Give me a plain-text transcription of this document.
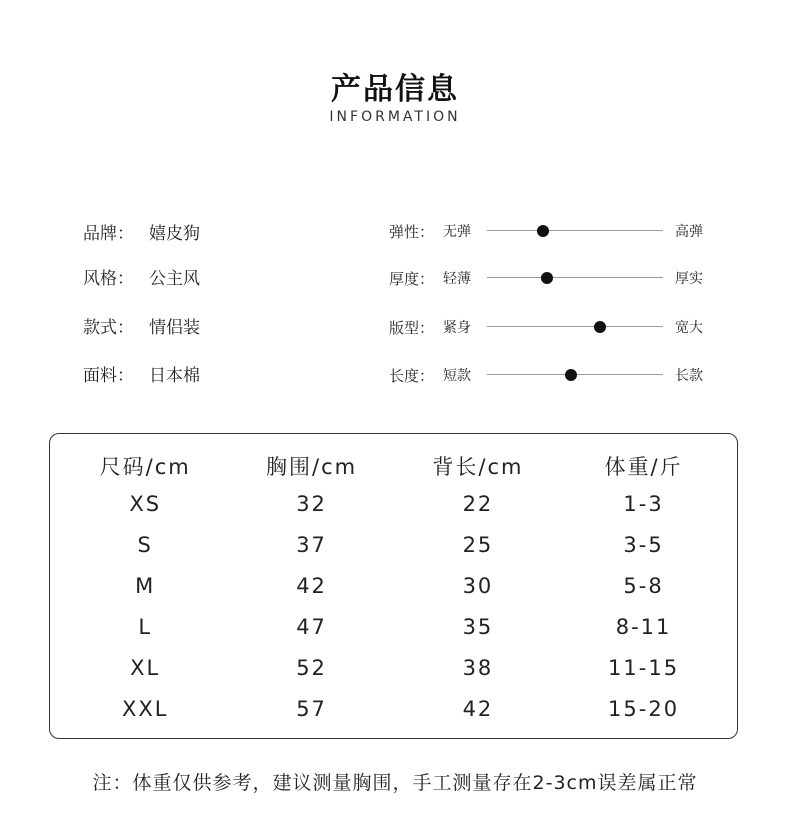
产品信息
INFORMATION
品牌： 嬉皮狗
风格： 公主风
款式： 情侣装
面料： 日本棉
弹性： 无弹	高弹
厚度： 轻薄	厚实
版型： 紧身	宽大
长度： 短款	长款
尺码/cm	胸围/cm	背长/cm	体重/斤
XS	32	22	1-3
S	37	25	3-5
M	42	30	5-8
L	47	35	8-11
XL	52	38	11-15
XXL	57	42	15-20
注：体重仅供参考，建议测量胸围，手工测量存在2-3cm误差属正常
